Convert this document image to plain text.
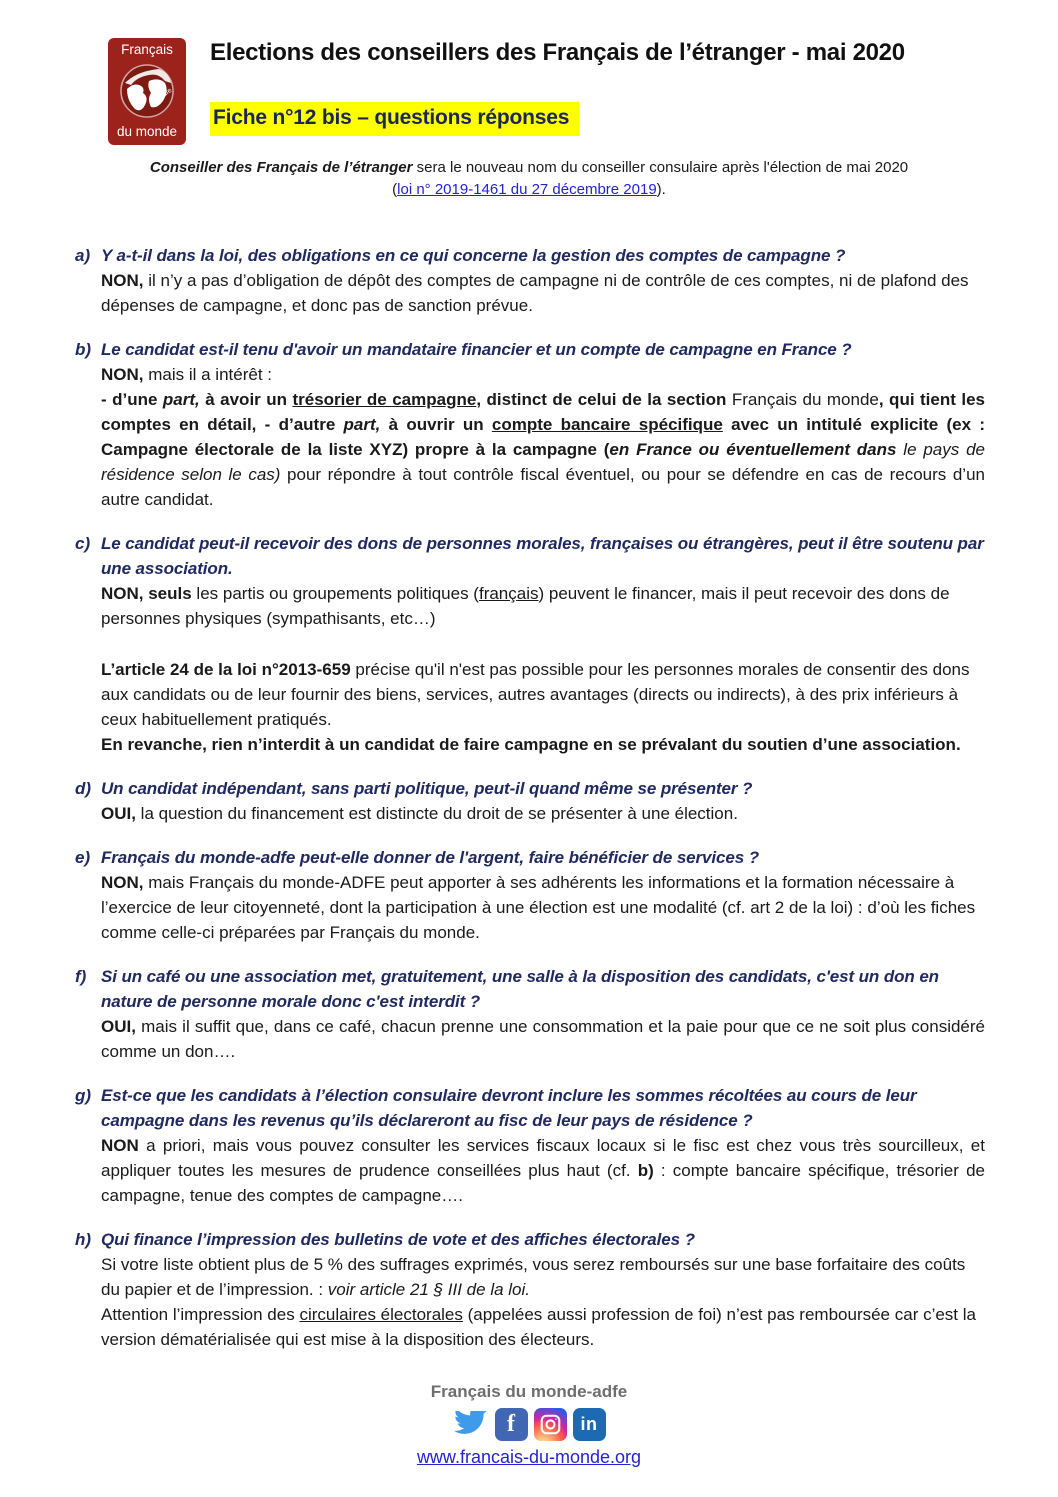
Français
adfe
du monde
Elections des conseillers des Français de l’étranger - mai 2020
Fiche n°12 bis – questions réponses
Conseiller des Français de l’étranger sera le nouveau nom du conseiller consulaire après l'élection de mai 2020
(loi n° 2019-1461 du 27 décembre 2019).
a) Y a-t-il dans la loi, des obligations en ce qui concerne la gestion des comptes de campagne ?
NON, il n’y a pas d’obligation de dépôt des comptes de campagne ni de contrôle de ces comptes, ni de plafond des dépenses de campagne, et donc pas de sanction prévue.
b) Le candidat est-il tenu d'avoir un mandataire financier et un compte de campagne en France ?
NON, mais il a intérêt :
- d’une part, à avoir un trésorier de campagne, distinct de celui de la section Français du monde, qui tient les comptes en détail, - d’autre part, à ouvrir un compte bancaire spécifique avec un intitulé explicite (ex : Campagne électorale de la liste XYZ) propre à la campagne (en France ou éventuellement dans le pays de résidence selon le cas) pour répondre à tout contrôle fiscal éventuel, ou pour se défendre en cas de recours d’un autre candidat.
c) Le candidat peut-il recevoir des dons de personnes morales, françaises ou étrangères, peut il être soutenu par une association.
NON, seuls les partis ou groupements politiques (français) peuvent le financer, mais il peut recevoir des dons de personnes physiques (sympathisants, etc…)
L’article 24 de la loi n°2013-659 précise qu'il n'est pas possible pour les personnes morales de consentir des dons aux candidats ou de leur fournir des biens, services, autres avantages (directs ou indirects), à des prix inférieurs à ceux habituellement pratiqués.
En revanche, rien n’interdit à un candidat de faire campagne en se prévalant du soutien d’une association.
d) Un candidat indépendant, sans parti politique, peut-il quand même se présenter ?
OUI, la question du financement est distincte du droit de se présenter à une élection.
e) Français du monde-adfe peut-elle donner de l'argent, faire bénéficier de services ?
NON, mais Français du monde-ADFE peut apporter à ses adhérents les informations et la formation nécessaire à l’exercice de leur citoyenneté, dont la participation à une élection est une modalité (cf. art 2 de la loi) : d’où les fiches comme celle-ci préparées par Français du monde.
f) Si un café ou une association met, gratuitement, une salle à la disposition des candidats, c'est un don en nature de personne morale donc c'est interdit ?
OUI, mais il suffit que, dans ce café, chacun prenne une consommation et la paie pour que ce ne soit plus considéré comme un don….
g) Est-ce que les candidats à l’élection consulaire devront inclure les sommes récoltées au cours de leur campagne dans les revenus qu’ils déclareront au fisc de leur pays de résidence ?
NON a priori, mais vous pouvez consulter les services fiscaux locaux si le fisc est chez vous très sourcilleux, et appliquer toutes les mesures de prudence conseillées plus haut (cf. b) : compte bancaire spécifique, trésorier de campagne, tenue des comptes de campagne….
h) Qui finance l’impression des bulletins de vote et des affiches électorales ?
Si votre liste obtient plus de 5 % des suffrages exprimés, vous serez remboursés sur une base forfaitaire des coûts du papier et de l’impression. : voir article 21 § III de la loi.
Attention l’impression des circulaires électorales (appelées aussi profession de foi) n’est pas remboursée car c’est la version dématérialisée qui est mise à la disposition des électeurs.
Français du monde-adfe
f	in
www.francais-du-monde.org
